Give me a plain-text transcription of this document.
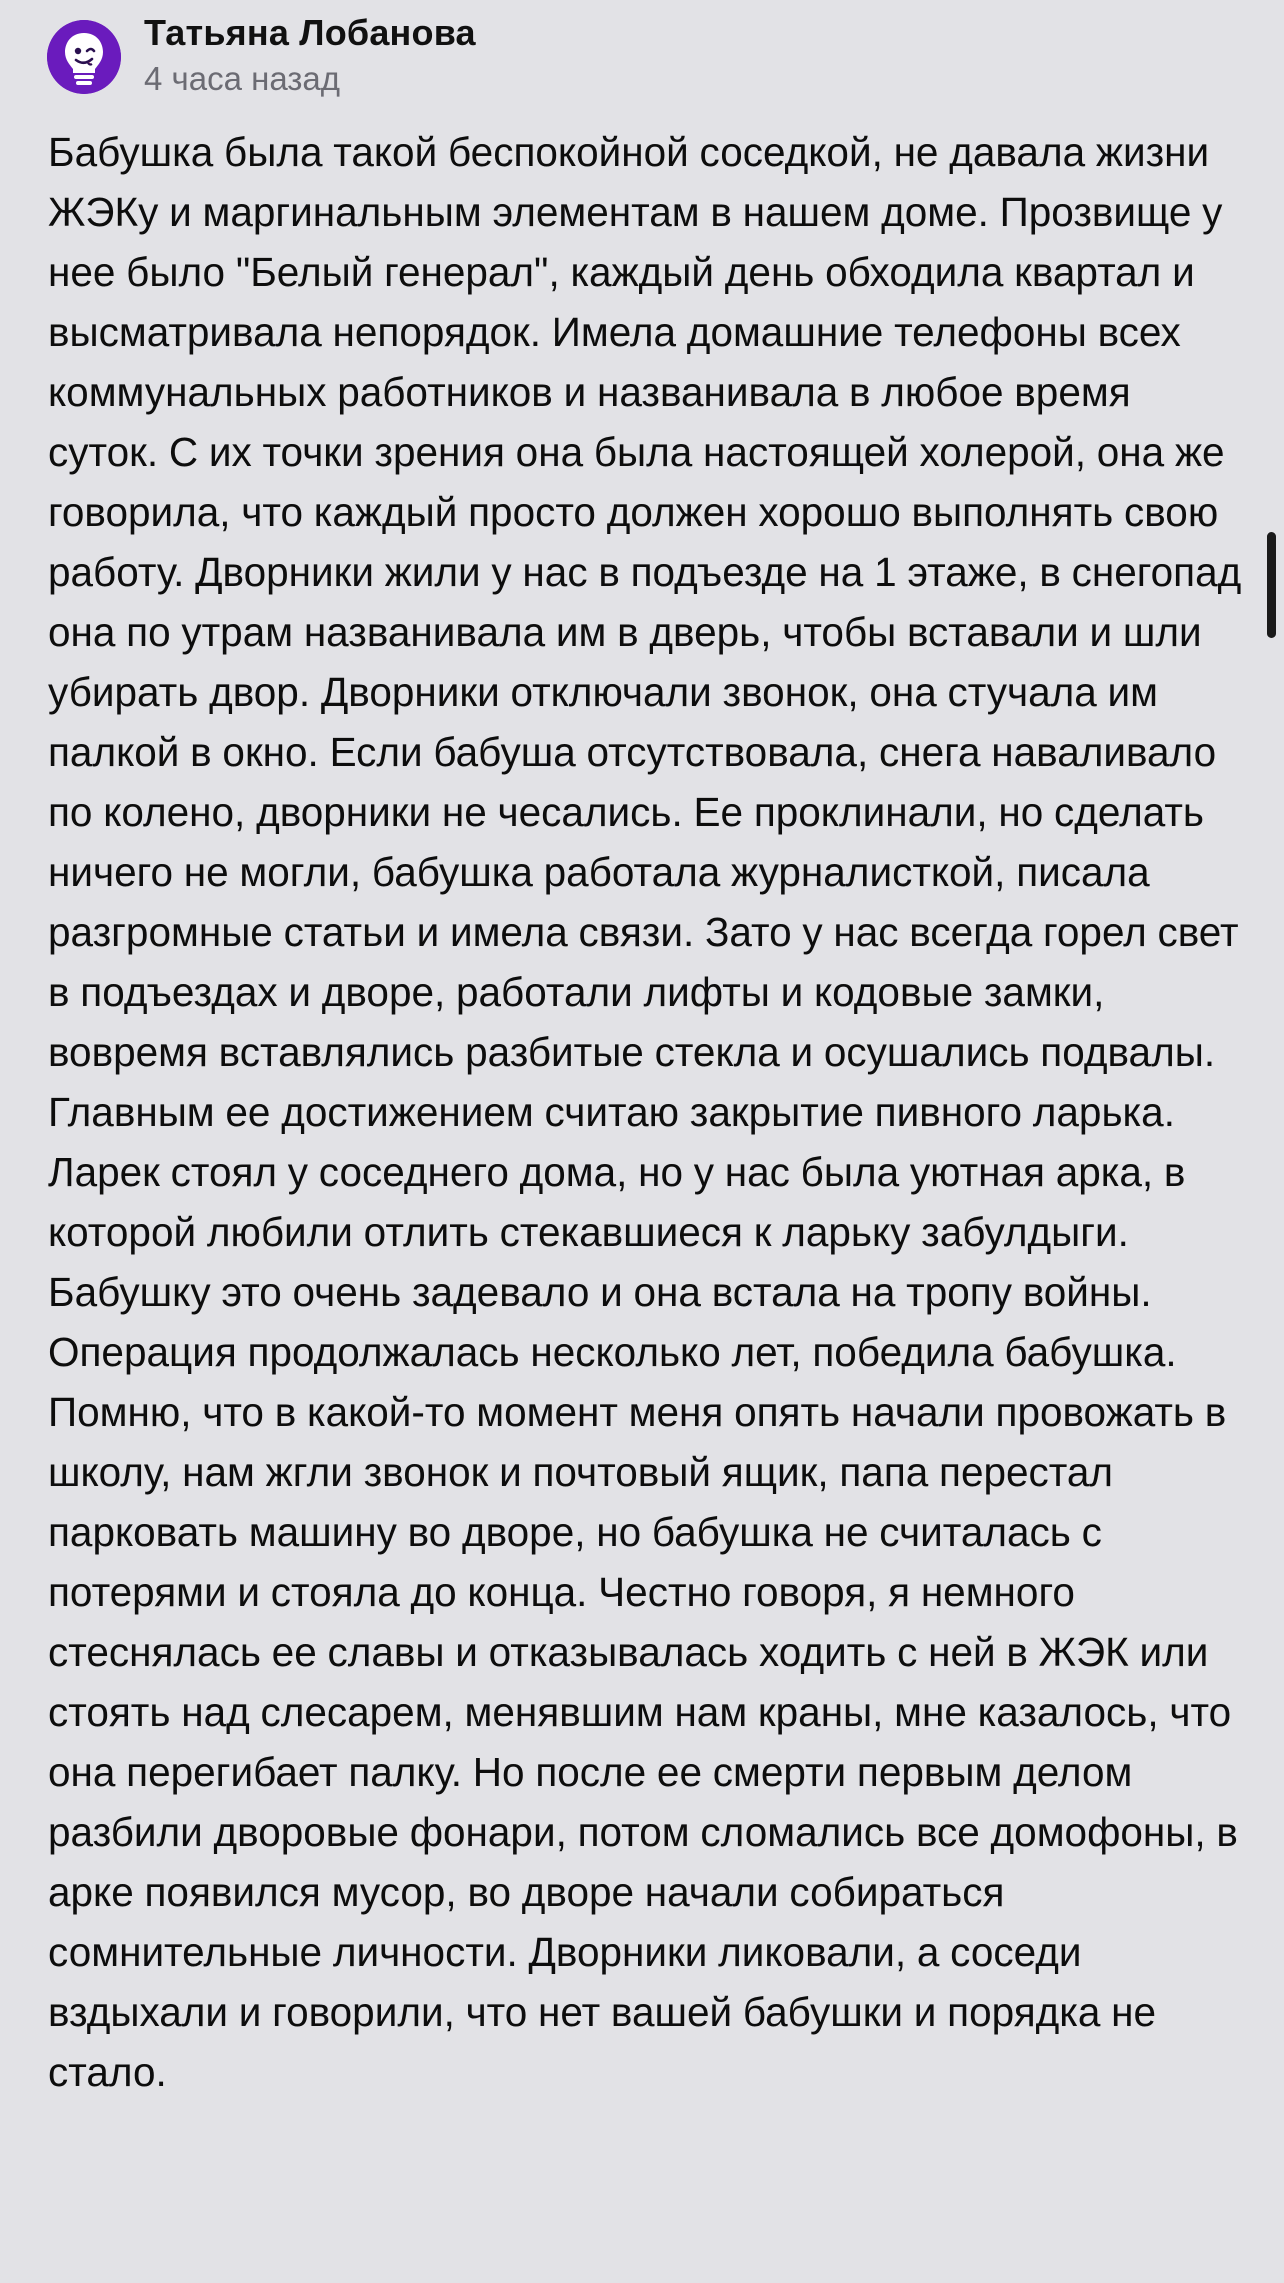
Татьяна Лобанова
4 часа назад
Бабушка была такой беспокойной соседкой, не давала жизни ЖЭКу и маргинальным элементам в нашем доме. Прозвище у нее было "Белый генерал", каждый день обходила квартал и высматривала непорядок. Имела домашние телефоны всех коммунальных работников и названивала в любое время суток. С их точки зрения она была настоящей холерой, она же говорила, что каждый просто должен хорошо выполнять свою работу. Дворники жили у нас в подъезде на 1 этаже, в снегопад она по утрам названивала им в дверь, чтобы вставали и шли убирать двор. Дворники отключали звонок, она стучала им палкой в окно. Если бабуша отсутствовала, снега наваливало по колено, дворники не чесались. Ее проклинали, но сделать ничего не могли, бабушка работала журналисткой, писала разгромные статьи и имела связи. Зато у нас всегда горел свет в подъездах и дворе, работали лифты и кодовые замки, вовремя вставлялись разбитые стекла и осушались подвалы. Главным ее достижением считаю закрытие пивного ларька. Ларек стоял у соседнего дома, но у нас была уютная арка, в которой любили отлить стекавшиеся к ларьку забулдыги. Бабушку это очень задевало и она встала на тропу войны. Операция продолжалась несколько лет, победила бабушка. Помню, что в какой-то момент меня опять начали провожать в школу, нам жгли звонок и почтовый ящик, папа перестал парковать машину во дворе, но бабушка не считалась с потерями и стояла до конца. Честно говоря, я немного стеснялась ее славы и отказывалась ходить с ней в ЖЭК или стоять над слесарем, менявшим нам краны, мне казалось, что она перегибает палку. Но после ее смерти первым делом разбили дворовые фонари, потом сломались все домофоны, в арке появился мусор, во дворе начали собираться сомнительные личности. Дворники ликовали, а соседи вздыхали и говорили, что нет вашей бабушки и порядка не стало.
